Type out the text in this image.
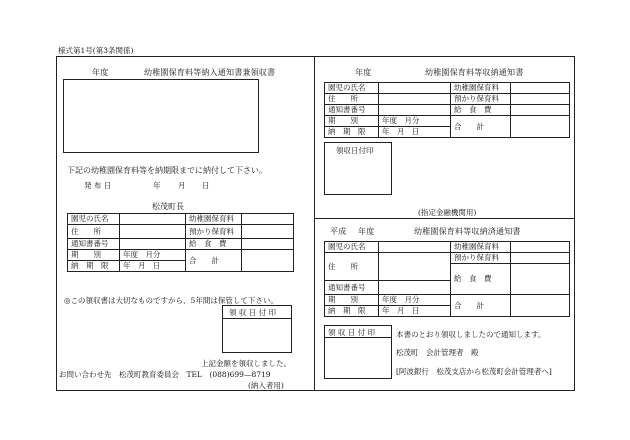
様式第1号(第3条関係)
年度	幼稚園保育料等納入通知書兼領収書
下記の幼稚園保育料等を納期限までに納付して下さい。
発 布 日	年 月 日
松茂町長
園児の氏名		幼稚園保育料	
住　　所		預かり保育料	
通知書番号		給　食　費	
期　　別	年度　月分	合　　計	
納　期　限	年　月　日		
◎この領収書は大切なものですから、5年間は保管して下さい。
領 収 日 付 印
上記金額を領収しました。
お問い合わせ先　松茂町教育委員会　TEL　(088)699—8719
(納入者用)
年度	幼稚園保育料等収納通知書
園児の氏名		幼稚園保育料	
住　　所		預かり保育料	
通知書番号		給　食　費	
期　　別	年度　月分	合　　計	
納　期　限	年　月　日		
領収日付印
(指定金融機関用)
平成 年度	幼稚園保育料等収納済通知書
園児の氏名		幼稚園保育料	
住　　所		預かり保育料	
		給　食　費	
通知書番号			
期　　別	年度　月分	合　　計	
納　期　限	年　月　日		
領 収 日 付 印	本書のとおり領収しましたので通知します。
松茂町　会計管理者　殿
[阿波銀行　松茂支店から松茂町会計管理者へ]
